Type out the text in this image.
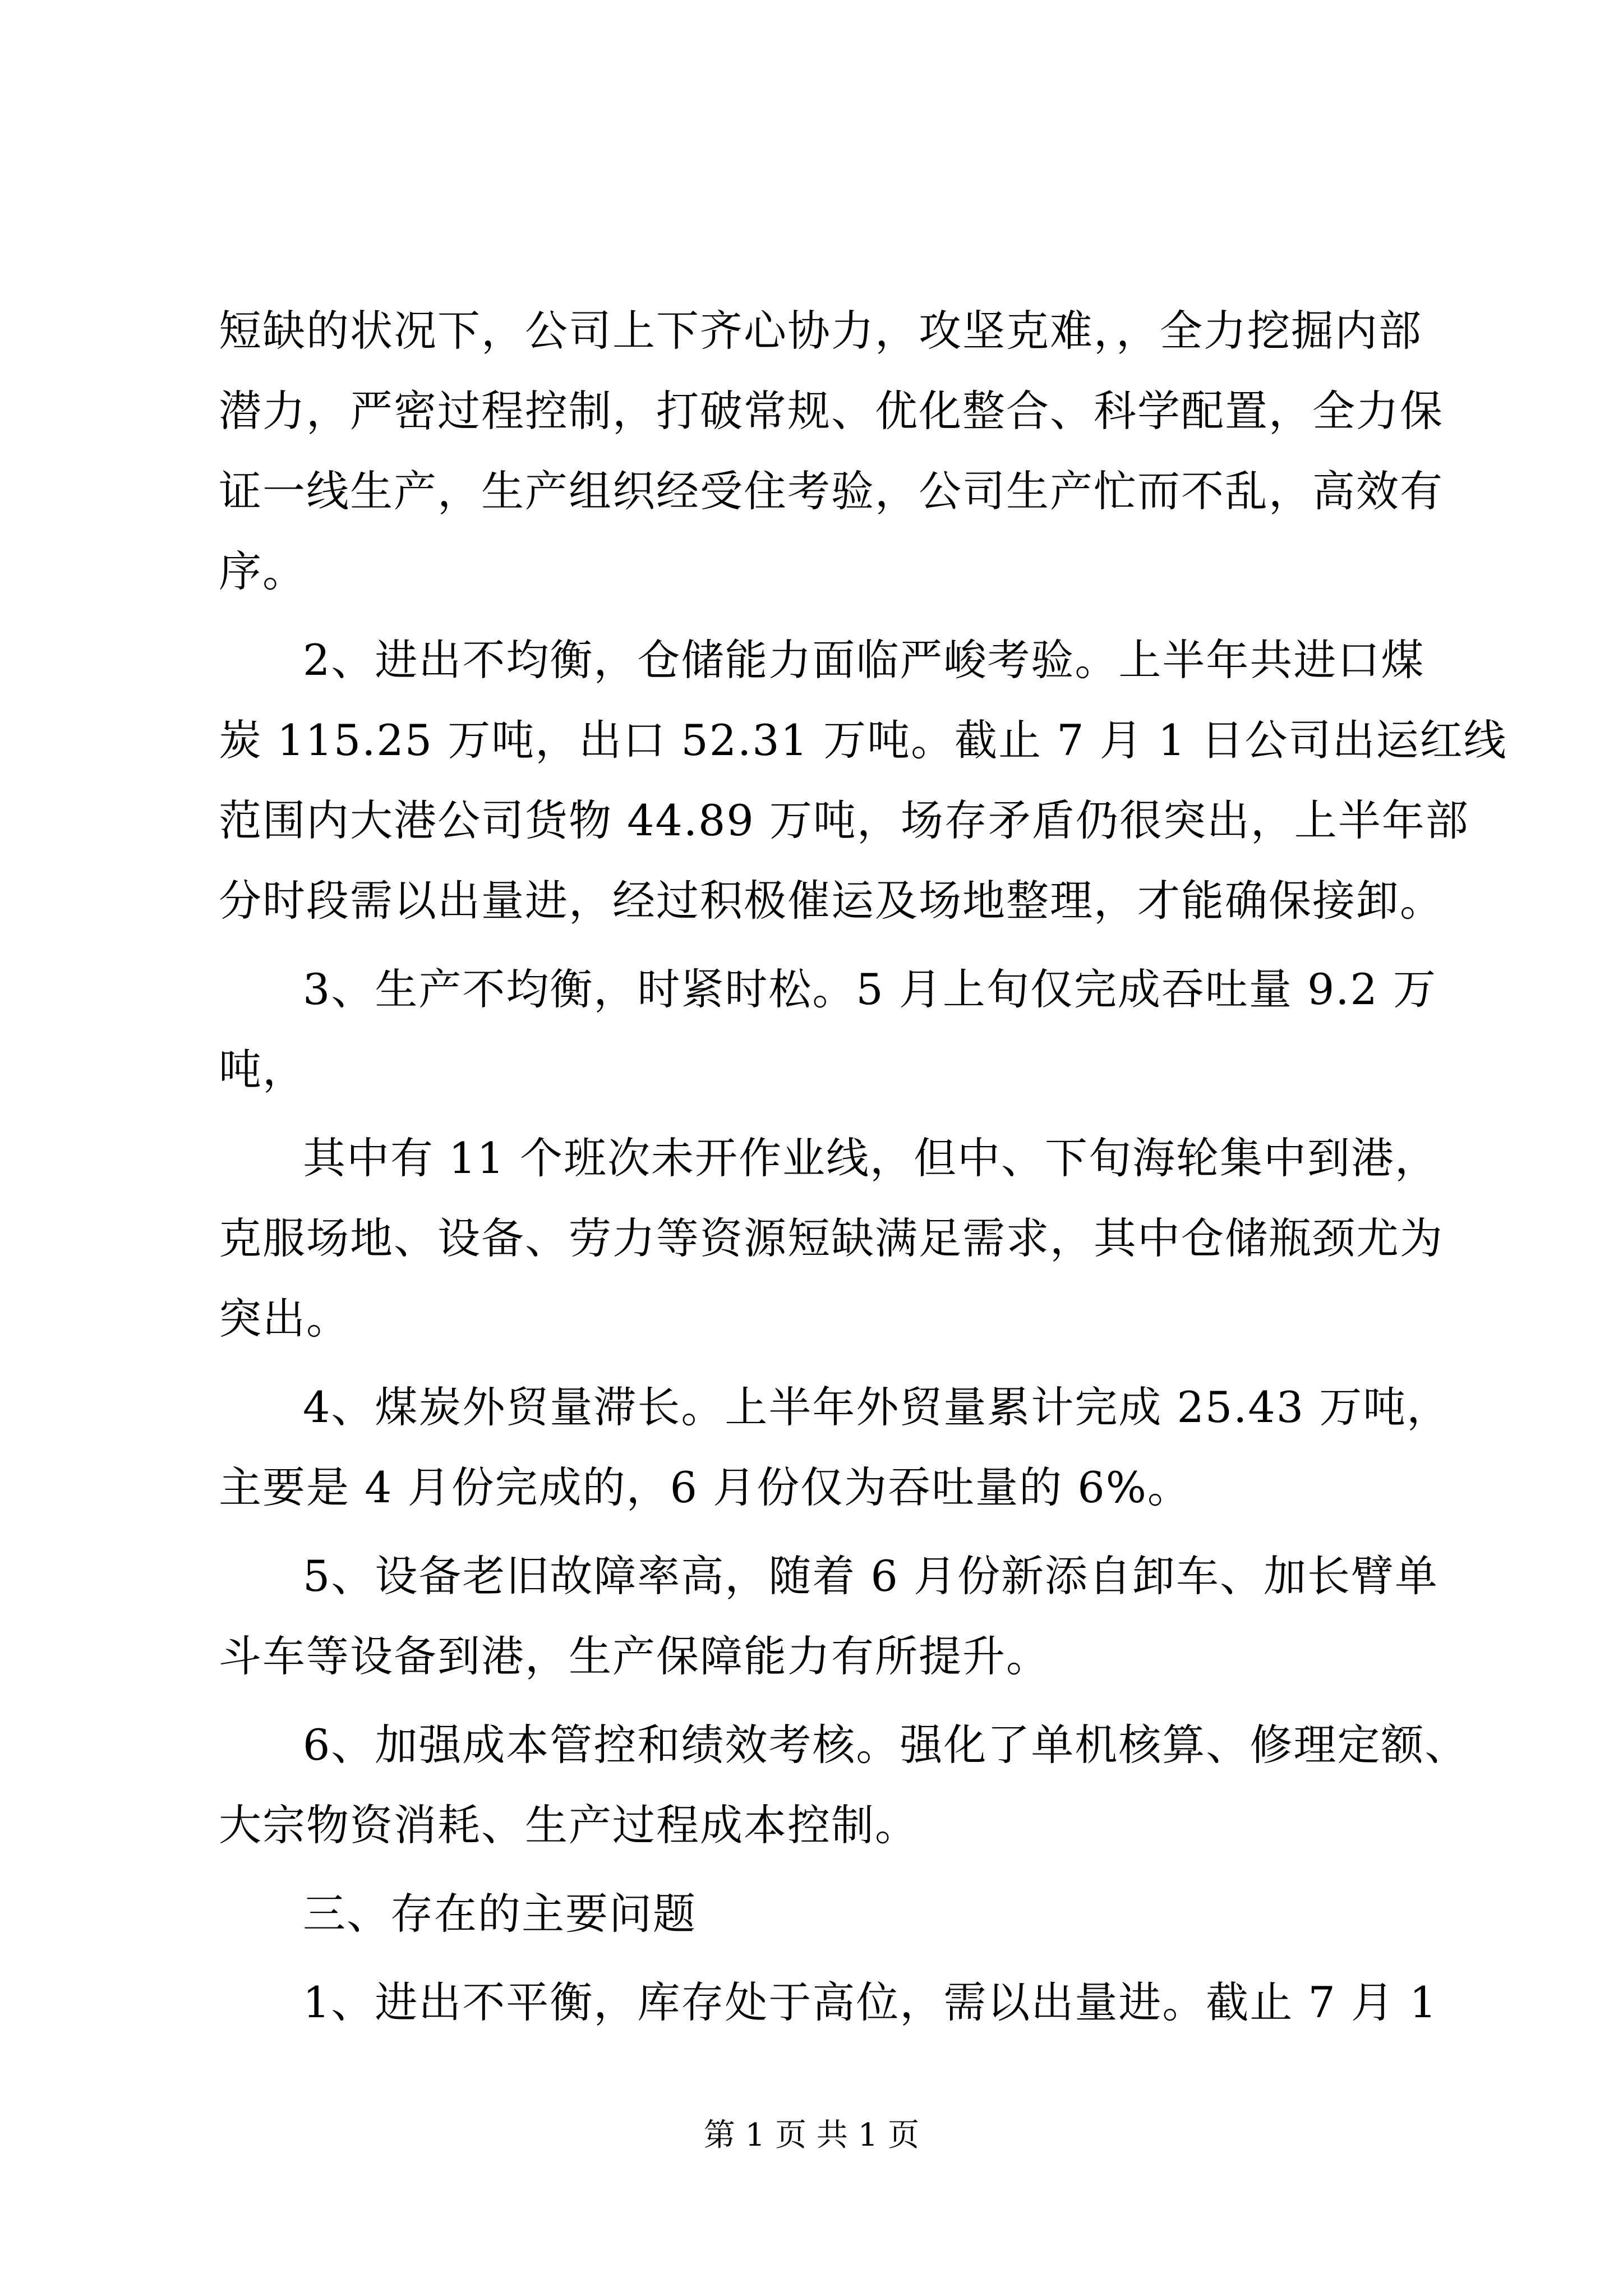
短缺的状况下，公司上下齐心协力，攻坚克难，，全力挖掘内部

潜力，严密过程控制，打破常规、优化整合、科学配置，全力保

证一线生产，生产组织经受住考验，公司生产忙而不乱，高效有

序。

2、进出不均衡，仓储能力面临严峻考验。上半年共进口煤

炭 115.25 万吨，出口 52.31 万吨。截止 7 月 1 日公司出运红线

范围内大港公司货物 44.89 万吨，场存矛盾仍很突出，上半年部

分时段需以出量进，经过积极催运及场地整理，才能确保接卸。

3、生产不均衡，时紧时松。5 月上旬仅完成吞吐量 9.2 万

吨，

其中有 11 个班次未开作业线，但中、下旬海轮集中到港，

克服场地、设备、劳力等资源短缺满足需求，其中仓储瓶颈尤为

突出。

4、煤炭外贸量滞长。上半年外贸量累计完成 25.43 万吨，

主要是 4 月份完成的，6 月份仅为吞吐量的 6%。

5、设备老旧故障率高，随着 6 月份新添自卸车、加长臂单

斗车等设备到港，生产保障能力有所提升。

6、加强成本管控和绩效考核。强化了单机核算、修理定额、

大宗物资消耗、生产过程成本控制。

三、存在的主要问题

1、进出不平衡，库存处于高位，需以出量进。截止 7 月 1

第 1 页 共 1 页
